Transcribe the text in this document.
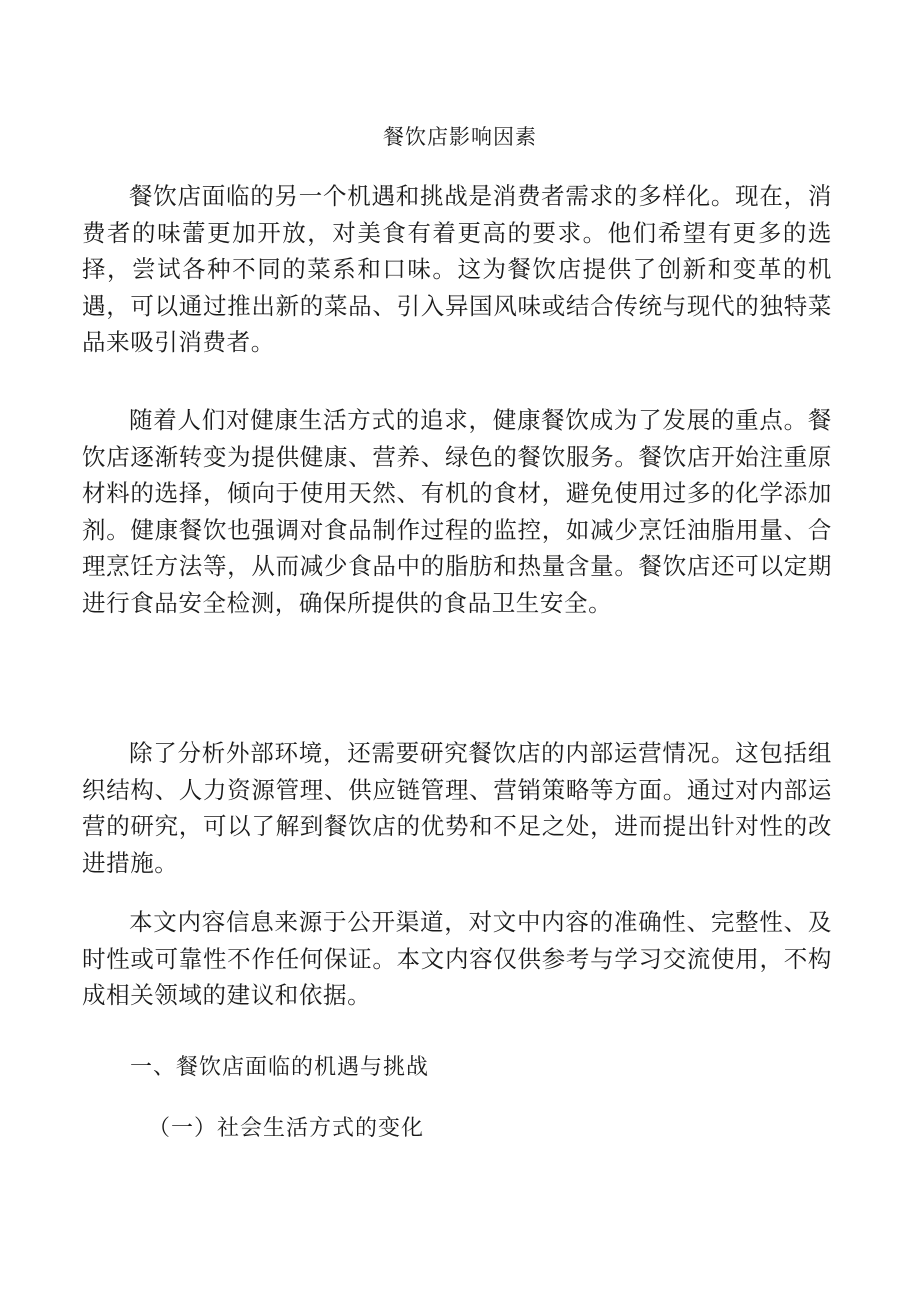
餐饮店影响因素

餐饮店面临的另一个机遇和挑战是消费者需求的多样化。现在，消费者的味蕾更加开放，对美食有着更高的要求。他们希望有更多的选择，尝试各种不同的菜系和口味。这为餐饮店提供了创新和变革的机遇，可以通过推出新的菜品、引入异国风味或结合传统与现代的独特菜品来吸引消费者。

随着人们对健康生活方式的追求，健康餐饮成为了发展的重点。餐饮店逐渐转变为提供健康、营养、绿色的餐饮服务。餐饮店开始注重原材料的选择，倾向于使用天然、有机的食材，避免使用过多的化学添加剂。健康餐饮也强调对食品制作过程的监控，如减少烹饪油脂用量、合理烹饪方法等，从而减少食品中的脂肪和热量含量。餐饮店还可以定期进行食品安全检测，确保所提供的食品卫生安全。

除了分析外部环境，还需要研究餐饮店的内部运营情况。这包括组织结构、人力资源管理、供应链管理、营销策略等方面。通过对内部运营的研究，可以了解到餐饮店的优势和不足之处，进而提出针对性的改进措施。

本文内容信息来源于公开渠道，对文中内容的准确性、完整性、及时性或可靠性不作任何保证。本文内容仅供参考与学习交流使用，不构成相关领域的建议和依据。

一、餐饮店面临的机遇与挑战
（一）社会生活方式的变化
